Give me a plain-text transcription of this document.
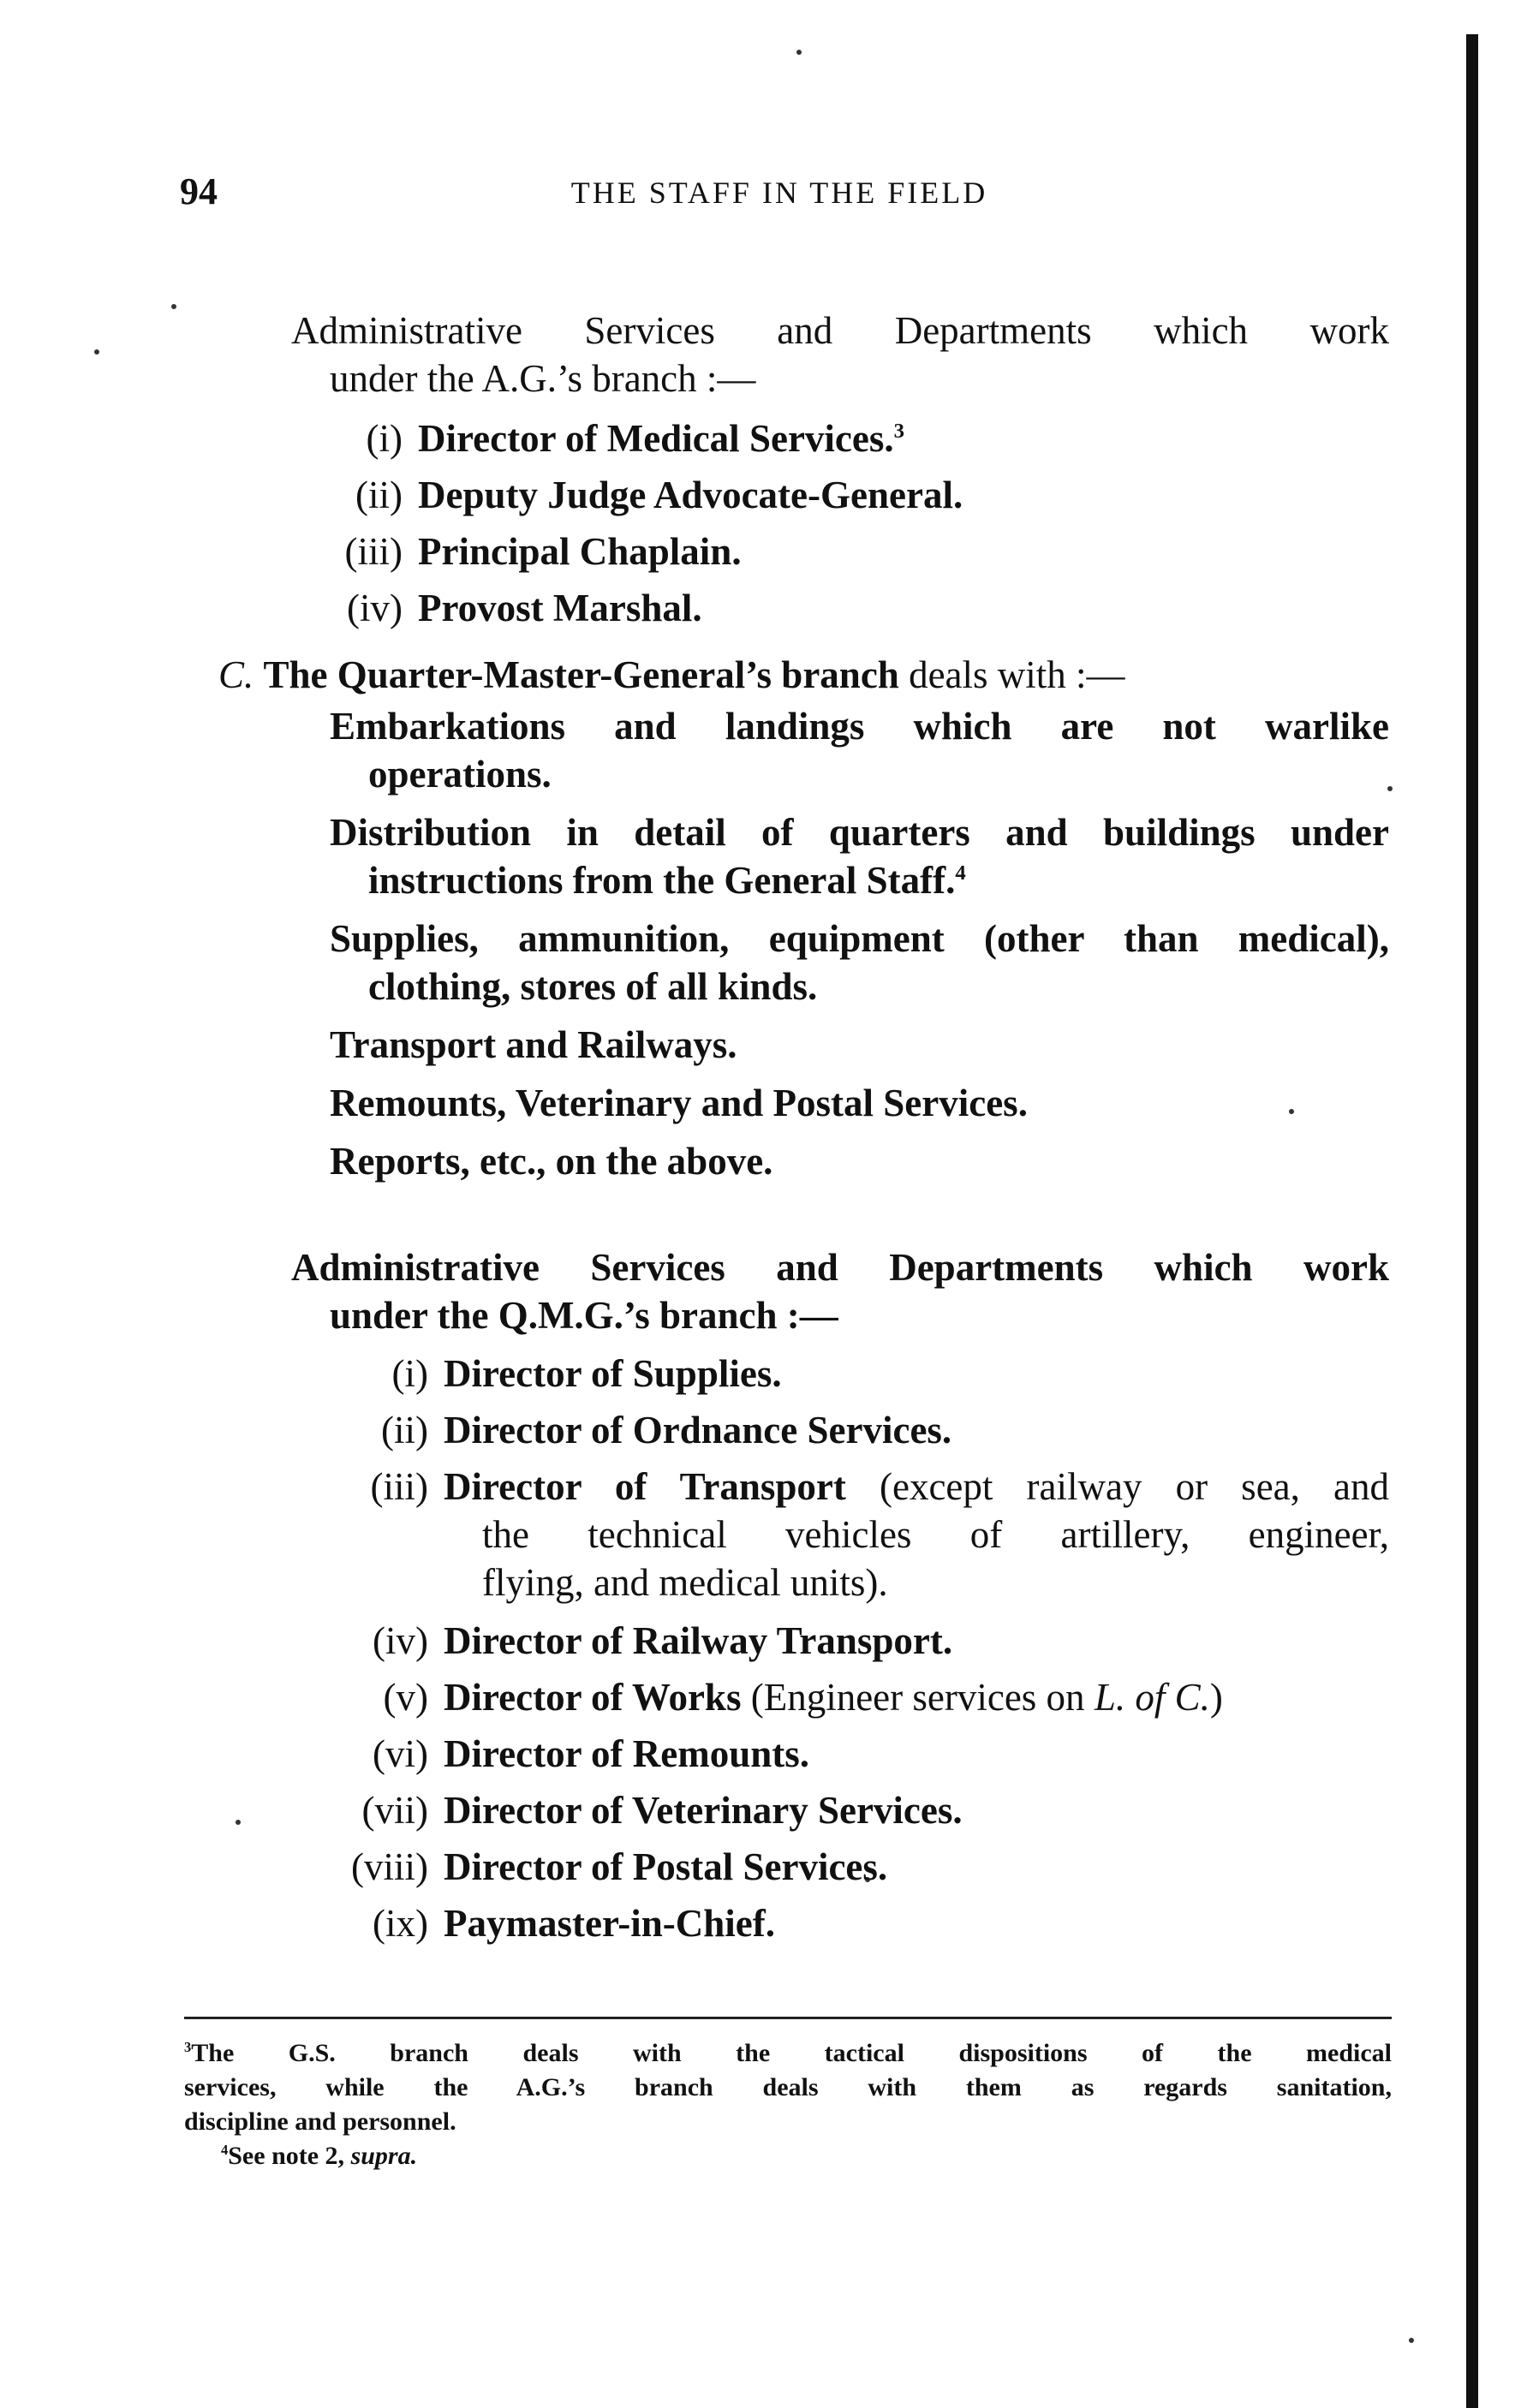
94	THE STAFF IN THE FIELD
Administrative Services and Departments which work
under the A.G.’s branch :—
(i) Director of Medical Services.$^3$
(ii) Deputy Judge Advocate-General.
(iii) Principal Chaplain.
(iv) Provost Marshal.
C. The Quarter-Master-General’s branch deals with :—
Embarkations and landings which are not warlike
operations.
Distribution in detail of quarters and buildings under
instructions from the General Staff.$^4$
Supplies, ammunition, equipment (other than medical),
clothing, stores of all kinds.
Transport and Railways.
Remounts, Veterinary and Postal Services.
Reports, etc., on the above.
Administrative Services and Departments which work
under the Q.M.G.’s branch :—
(i) Director of Supplies.
(ii) Director of Ordnance Services.
(iii) Director of Transport (except railway or sea, and
the technical vehicles of artillery, engineer,
flying, and medical units).
(iv) Director of Railway Transport.
(v) Director of Works (Engineer services on L. of C.)
(vi) Director of Remounts.
(vii) Director of Veterinary Services.
(viii) Director of Postal Services.
(ix) Paymaster-in-Chief.
$^3$The G.S. branch deals with the tactical dispositions of the medical
services, while the A.G.’s branch deals with them as regards sanitation,
discipline and personnel.
$^4$See note 2, supra.
